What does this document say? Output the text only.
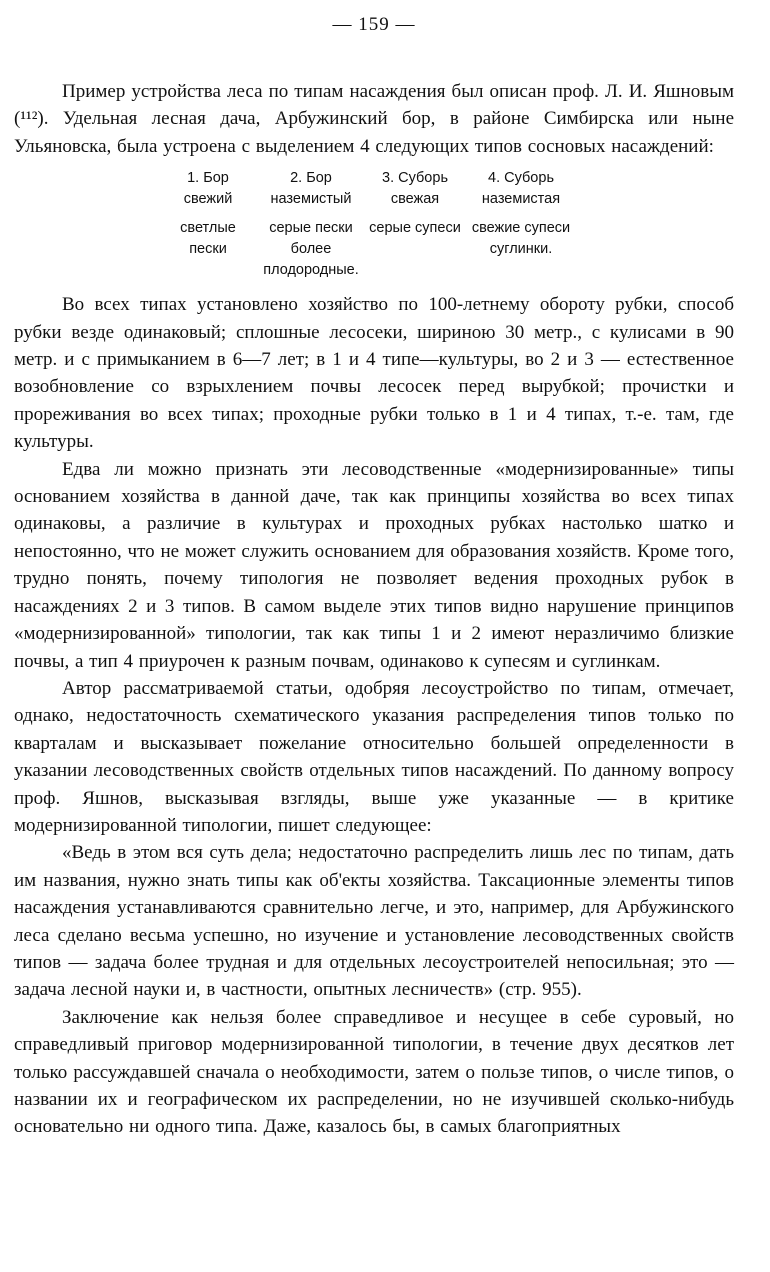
— 159 —

Пример устройства леса по типам насаждения был описан проф. Л. И. Яшновым (¹¹²). Удельная лесная дача, Арбужинский бор, в районе Симбирска или ныне Ульяновска, была устроена с выделением 4 следующих типов сосновых насаждений:

1. Бор свежий
светлые пески
2. Бор наземистый
серые пески более плодородные.
3. Суборь свежая
серые супеси
4. Суборь наземистая
свежие супеси суглинки.

Во всех типах установлено хозяйство по 100-летнему обороту рубки, способ рубки везде одинаковый; сплошные лесосеки, шириною 30 метр., с кулисами в 90 метр. и с примыканием в 6—7 лет; в 1 и 4 типе—культуры, во 2 и 3 — естественное возобновление со взрыхлением почвы лесосек перед вырубкой; прочистки и прореживания во всех типах; проходные рубки только в 1 и 4 типах, т.-е. там, где культуры.

Едва ли можно признать эти лесоводственные «модернизированные» типы основанием хозяйства в данной даче, так как принципы хозяйства во всех типах одинаковы, а различие в культурах и проходных рубках настолько шатко и непостоянно, что не может служить основанием для образования хозяйств. Кроме того, трудно понять, почему типология не позволяет ведения проходных рубок в насаждениях 2 и 3 типов. В самом выделе этих типов видно нарушение принципов «модернизированной» типологии, так как типы 1 и 2 имеют неразличимо близкие почвы, а тип 4 приурочен к разным почвам, одинаково к супесям и суглинкам.

Автор рассматриваемой статьи, одобряя лесоустройство по типам, отмечает, однако, недостаточность схематического указания распределения типов только по кварталам и высказывает пожелание относительно большей определенности в указании лесоводственных свойств отдельных типов насаждений. По данному вопросу проф. Яшнов, высказывая взгляды, выше уже указанные — в критике модернизированной типологии, пишет следующее:

«Ведь в этом вся суть дела; недостаточно распределить лишь лес по типам, дать им названия, нужно знать типы как об'екты хозяйства. Таксационные элементы типов насаждения устанавливаются сравнительно легче, и это, например, для Арбужинского леса сделано весьма успешно, но изучение и установление лесоводственных свойств типов — задача более трудная и для отдельных лесоустроителей непосильная; это — задача лесной науки и, в частности, опытных лесничеств» (стр. 955).

Заключение как нельзя более справедливое и несущее в себе суровый, но справедливый приговор модернизированной типологии, в течение двух десятков лет только рассуждавшей сначала о необходимости, затем о пользе типов, о числе типов, о названии их и географическом их распределении, но не изучившей сколько-нибудь основательно ни одного типа. Даже, казалось бы, в самых благоприятных
